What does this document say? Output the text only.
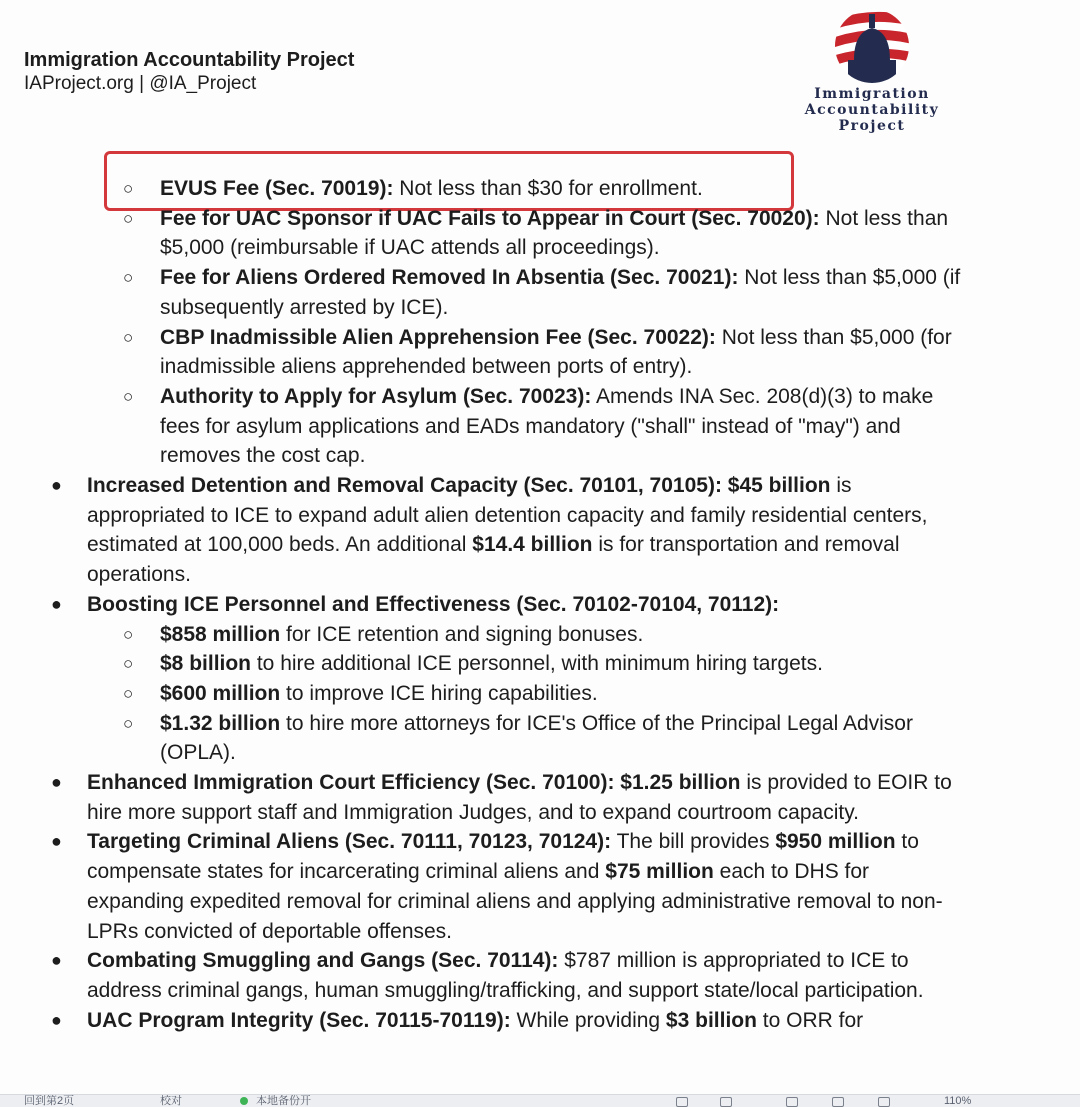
Immigration Accountability Project
IAProject.org | @IA_Project	Immigration
Accountability
Project
○ EVUS Fee (Sec. 70019): Not less than $30 for enrollment.
○ Fee for UAC Sponsor if UAC Fails to Appear in Court (Sec. 70020): Not less than $5,000 (reimbursable if UAC attends all proceedings).
○ Fee for Aliens Ordered Removed In Absentia (Sec. 70021): Not less than $5,000 (if subsequently arrested by ICE).
○ CBP Inadmissible Alien Apprehension Fee (Sec. 70022): Not less than $5,000 (for inadmissible aliens apprehended between ports of entry).
○ Authority to Apply for Asylum (Sec. 70023): Amends INA Sec. 208(d)(3) to make fees for asylum applications and EADs mandatory ("shall" instead of "may") and removes the cost cap.
● Increased Detention and Removal Capacity (Sec. 70101, 70105): $45 billion is appropriated to ICE to expand adult alien detention capacity and family residential centers, estimated at 100,000 beds. An additional $14.4 billion is for transportation and removal operations.
● Boosting ICE Personnel and Effectiveness (Sec. 70102-70104, 70112):
○ $858 million for ICE retention and signing bonuses.
○ $8 billion to hire additional ICE personnel, with minimum hiring targets.
○ $600 million to improve ICE hiring capabilities.
○ $1.32 billion to hire more attorneys for ICE's Office of the Principal Legal Advisor (OPLA).
● Enhanced Immigration Court Efficiency (Sec. 70100): $1.25 billion is provided to EOIR to hire more support staff and Immigration Judges, and to expand courtroom capacity.
● Targeting Criminal Aliens (Sec. 70111, 70123, 70124): The bill provides $950 million to compensate states for incarcerating criminal aliens and $75 million each to DHS for expanding expedited removal for criminal aliens and applying administrative removal to non-LPRs convicted of deportable offenses.
● Combating Smuggling and Gangs (Sec. 70114): $787 million is appropriated to ICE to address criminal gangs, human smuggling/trafficking, and support state/local participation.
● UAC Program Integrity (Sec. 70115-70119): While providing $3 billion to ORR for
回到第2页	校对	本地备份开	110%
